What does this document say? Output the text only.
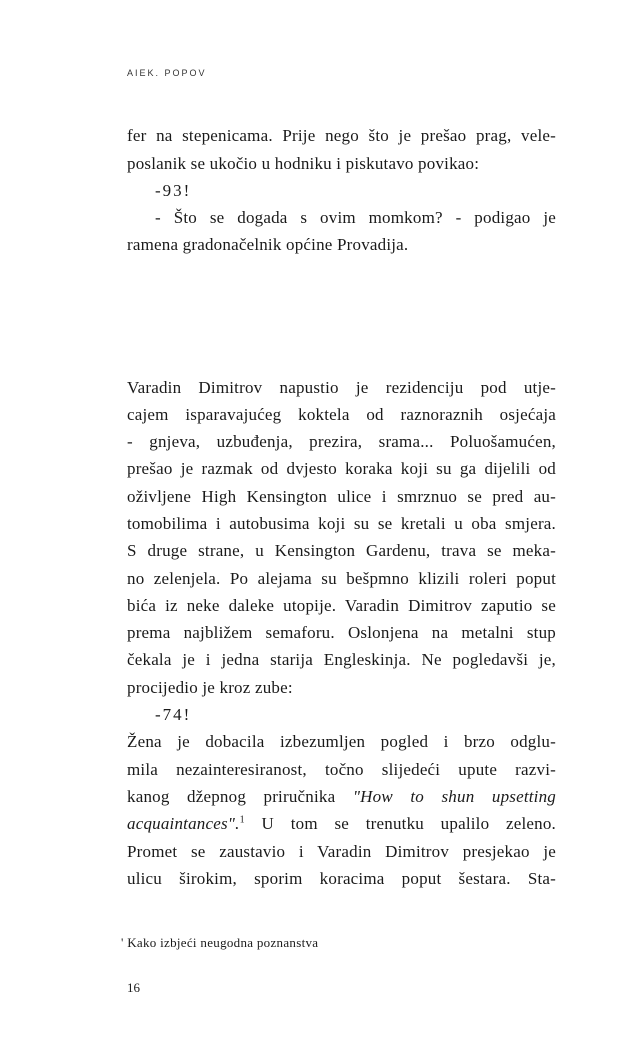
AIEK. POPOV
fer na stepenicama. Prije nego što je prešao prag, vele-
poslanik se ukočio u hodniku i piskutavo povikao:
-93!
- Što se dogada s ovim momkom? - podigao je
ramena gradonačelnik općine Provadija.
Varadin Dimitrov napustio je rezidenciju pod utje-
cajem isparavajućeg koktela od raznoraznih osjećaja
- gnjeva, uzbuđenja, prezira, srama... Poluošamućen,
prešao je razmak od dvjesto koraka koji su ga dijelili od
oživljene High Kensington ulice i smrznuo se pred au-
tomobilima i autobusima koji su se kretali u oba smjera.
S druge strane, u Kensington Gardenu, trava se meka-
no zelenjela. Po alejama su bešpmno klizili roleri poput
bića iz neke daleke utopije. Varadin Dimitrov zaputio se
prema najbližem semaforu. Oslonjena na metalni stup
čekala je i jedna starija Engleskinja. Ne pogledavši je,
procijedio je kroz zube:
-74!
Žena je dobacila izbezumljen pogled i brzo odglu-
mila nezainteresiranost, točno slijedeći upute razvi-
kanog džepnog priručnika "How to shun upsetting
acquaintances".$^1$ U tom se trenutku upalilo zeleno.
Promet se zaustavio i Varadin Dimitrov presjekao je
ulicu širokim, sporim koracima poput šestara. Sta-
' Kako izbjeći neugodna poznanstva
16
